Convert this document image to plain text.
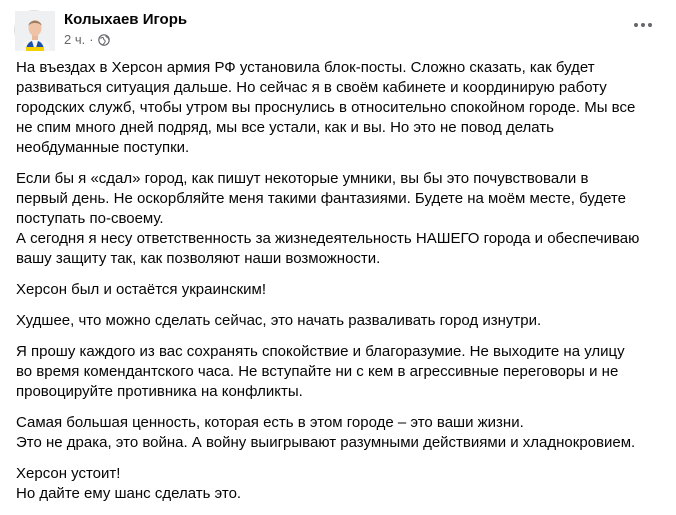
Колыхаев Игорь
2 ч. ·
На въездах в Херсон армия РФ установила блок-посты. Сложно сказать, как будет
развиваться ситуация дальше. Но сейчас я в своём кабинете и координирую работу
городских служб, чтобы утром вы проснулись в относительно спокойном городе. Мы все
не спим много дней подряд, мы все устали, как и вы. Но это не повод делать
необдуманные поступки.
Если бы я «сдал» город, как пишут некоторые умники, вы бы это почувствовали в
первый день. Не оскорбляйте меня такими фантазиями. Будете на моём месте, будете
поступать по-своему.
А сегодня я несу ответственность за жизнедеятельность НАШЕГО города и обеспечиваю
вашу защиту так, как позволяют наши возможности.
Херсон был и остаётся украинским!
Худшее, что можно сделать сейчас, это начать разваливать город изнутри.
Я прошу каждого из вас сохранять спокойствие и благоразумие. Не выходите на улицу
во время комендантского часа. Не вступайте ни с кем в агрессивные переговоры и не
провоцируйте противника на конфликты.
Самая большая ценность, которая есть в этом городе – это ваши жизни.
Это не драка, это война. А войну выигрывают разумными действиями и хладнокровием.
Херсон устоит!
Но дайте ему шанс сделать это.
